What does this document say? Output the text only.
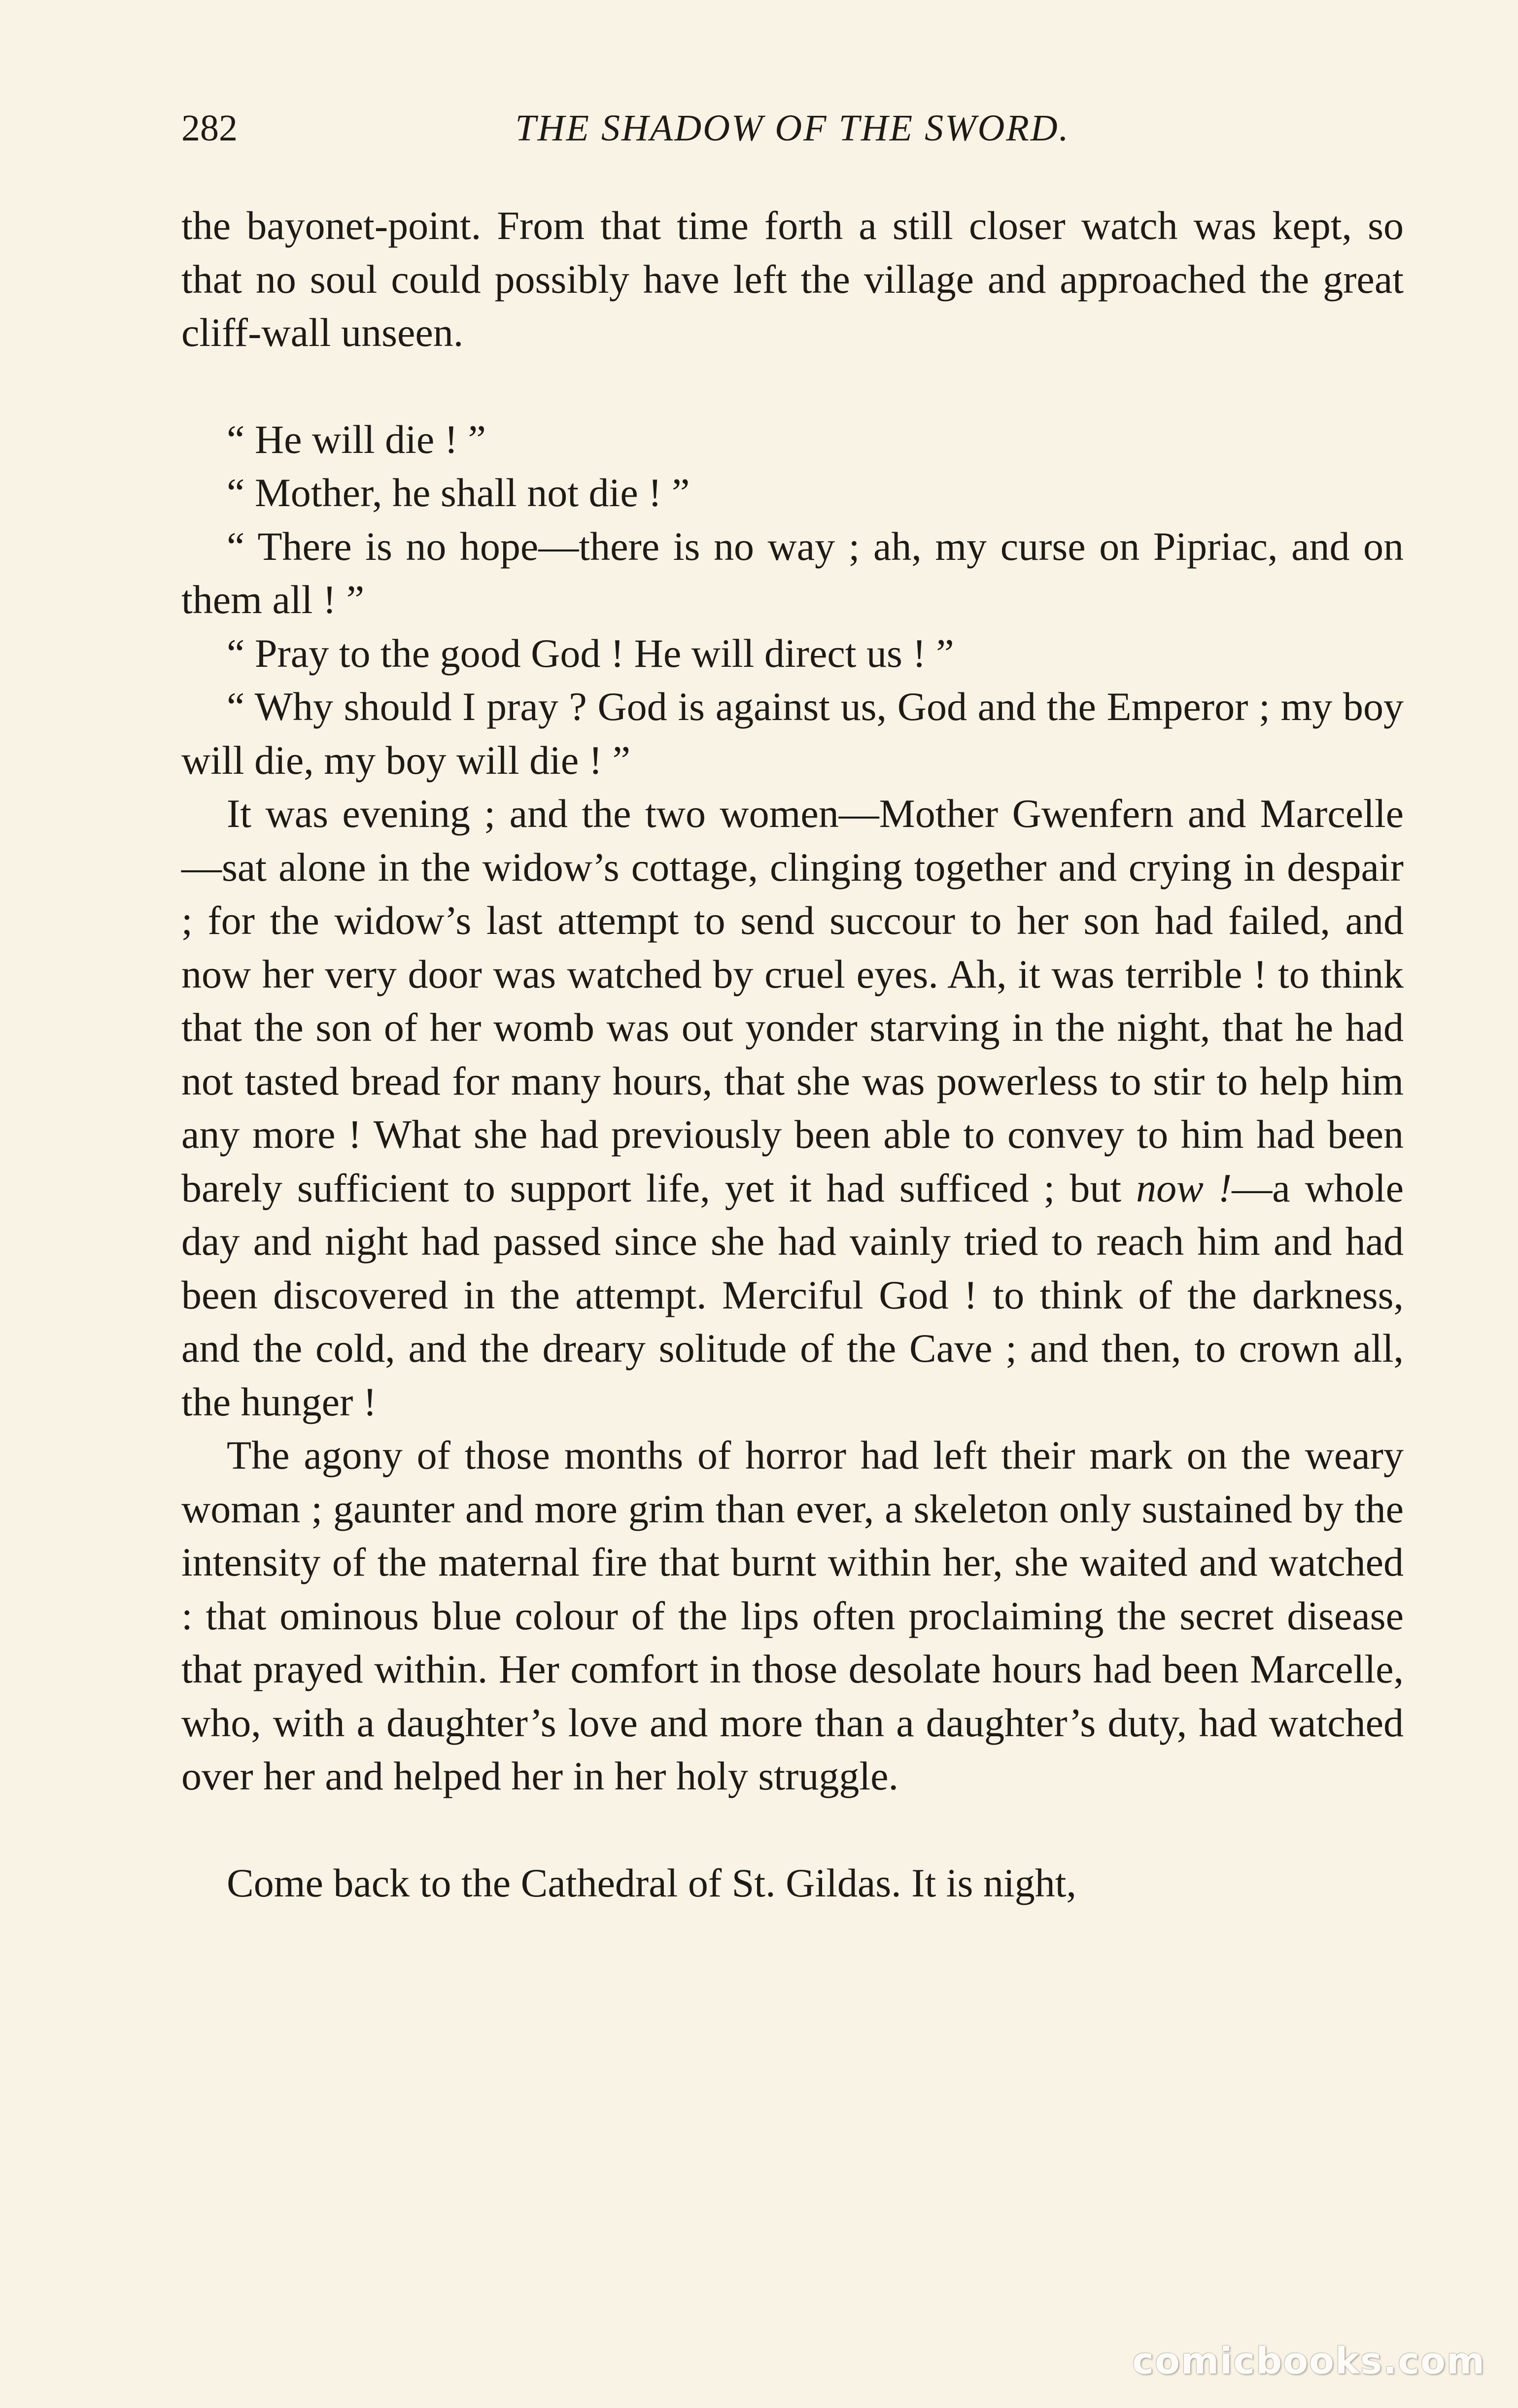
282	THE SHADOW OF THE SWORD.

the bayonet-point. From that time forth a still closer watch was kept, so that no soul could possibly have left the village and approached the great cliff-wall unseen.

“ He will die ! ”

“ Mother, he shall not die ! ”

“ There is no hope—there is no way ; ah, my curse on Pipriac, and on them all ! ”

“ Pray to the good God ! He will direct us ! ”

“ Why should I pray ? God is against us, God and the Emperor ; my boy will die, my boy will die ! ”

It was evening ; and the two women—Mother Gwenfern and Marcelle—sat alone in the widow’s cottage, clinging together and crying in despair ; for the widow’s last attempt to send succour to her son had failed, and now her very door was watched by cruel eyes. Ah, it was terrible ! to think that the son of her womb was out yonder starving in the night, that he had not tasted bread for many hours, that she was powerless to stir to help him any more ! What she had previously been able to convey to him had been barely sufficient to support life, yet it had sufficed ; but now !—a whole day and night had passed since she had vainly tried to reach him and had been discovered in the attempt. Merciful God ! to think of the darkness, and the cold, and the dreary solitude of the Cave ; and then, to crown all, the hunger !

The agony of those months of horror had left their mark on the weary woman ; gaunter and more grim than ever, a skeleton only sustained by the intensity of the maternal fire that burnt within her, she waited and watched : that ominous blue colour of the lips often proclaiming the secret disease that prayed within. Her comfort in those desolate hours had been Marcelle, who, with a daughter’s love and more than a daughter’s duty, had watched over her and helped her in her holy struggle.

Come back to the Cathedral of St. Gildas. It is night,

comicbooks.com
